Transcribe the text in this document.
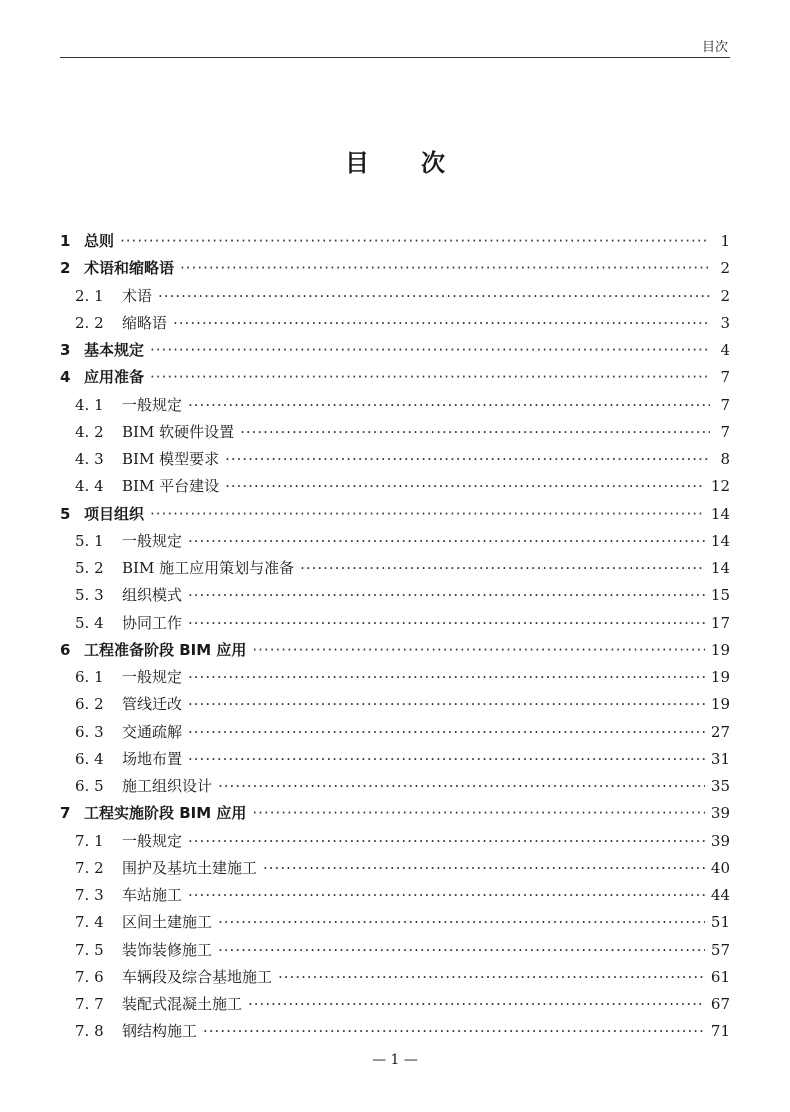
目次
目次
1 总则 ·····	1
2 术语和缩略语 ·····	2
2. 1	术语 ·····	2
2. 2	缩略语 ·····	3
3 基本规定 ·····	4
4 应用准备 ·····	7
4. 1	一般规定 ·····	7
4. 2	BIM 软硬件设置 ·····	7
4. 3	BIM 模型要求 ·····	8
4. 4	BIM 平台建设 ·····	12
5 项目组织 ·····	14
5. 1	一般规定 ·····	14
5. 2	BIM 施工应用策划与准备 ·····	14
5. 3	组织模式 ·····	15
5. 4	协同工作 ·····	17
6 工程准备阶段 BIM 应用 ·····	19
6. 1	一般规定 ·····	19
6. 2	管线迁改 ·····	19
6. 3	交通疏解 ·····	27
6. 4	场地布置 ·····	31
6. 5	施工组织设计 ·····	35
7 工程实施阶段 BIM 应用 ·····	39
7. 1	一般规定 ·····	39
7. 2	围护及基坑土建施工 ·····	40
7. 3	车站施工 ·····	44
7. 4	区间土建施工 ·····	51
7. 5	装饰装修施工 ·····	57
7. 6	车辆段及综合基地施工 ·····	61
7. 7	装配式混凝土施工 ·····	67
7. 8	钢结构施工 ·····	71
— 1 —
